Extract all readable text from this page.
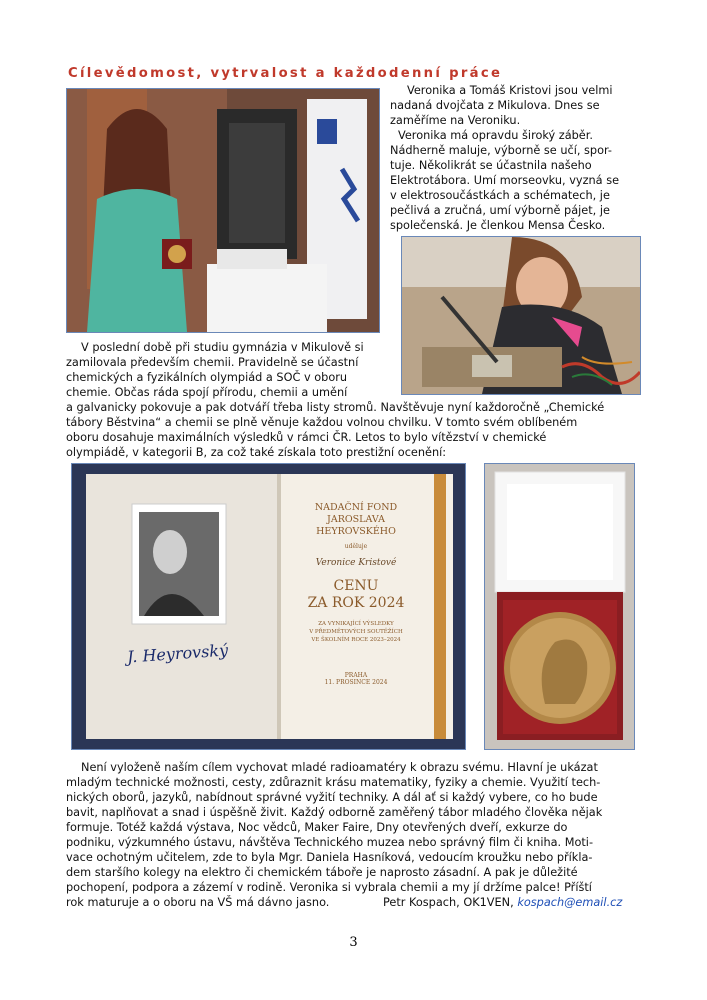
Cílevědomost, vytrvalost a každodenní práce
Veronika a Tomáš Kristovi jsou velmi
nadaná dvojčata z Mikulova. Dnes se
zaměříme na Veroniku.
Veronika má opravdu široký záběr.
Nádherně maluje, výborně se učí, spor-
tuje. Několikrát se účastnila našeho
Elektrotábora. Umí morseovku, vyzná se
v elektrosoučástkách a schématech, je
pečlivá a zručná, umí výborně pájet, je
společenská. Je členkou Mensa Česko.
V poslední době při studiu gymnázia v Mikulově si
zamilovala především chemii. Pravidelně se účastní
chemických a fyzikálních olympiád a SOČ v oboru
chemie. Občas ráda spojí přírodu, chemii a umění
a galvanicky pokovuje a pak dotváří třeba listy stromů. Navštěvuje nyní každoročně „Chemické
tábory Běstvina“ a chemii se plně věnuje každou volnou chvilku. V tomto svém oblíbeném
oboru dosahuje maximálních výsledků v rámci ČR. Letos to bylo vítězství v chemické
olympiádě, v kategorii B, za což také získala toto prestižní ocenění:
J. Heyrovský
NADAČNÍ FOND
JAROSLAVA
HEYROVSKÉHO
uděluje
Veronice Kristové
CENU
ZA ROK 2024
ZA VYNIKAJÍCÍ VÝSLEDKY
V PŘEDMĚTOVÝCH SOUTĚŽÍCH
VE ŠKOLNÍM ROCE 2023–2024
PRAHA
11. PROSINCE 2024
Není vyloženě naším cílem vychovat mladé radioamatéry k obrazu svému. Hlavní je ukázat
mladým technické možnosti, cesty, zdůraznit krásu matematiky, fyziky a chemie. Využití tech-
nických oborů, jazyků, nabídnout správné vyžití techniky. A dál ať si každý vybere, co ho bude
bavit, naplňovat a snad i úspěšně živit. Každý odborně zaměřený tábor mladého člověka nějak
formuje. Totéž každá výstava, Noc vědců, Maker Faire, Dny otevřených dveří, exkurze do
podniku, výzkumného ústavu, návštěva Technického muzea nebo správný film či kniha. Moti-
vace ochotným učitelem, zde to byla Mgr. Daniela Hasníková, vedoucím kroužku nebo příkla-
dem staršího kolegy na elektro či chemickém táboře je naprosto zásadní. A pak je důležité
pochopení, podpora a zázemí v rodině. Veronika si vybrala chemii a my jí držíme palce! Příští
rok maturuje a o oboru na VŠ má dávno jasno.	Petr Kospach, OK1VEN, kospach@email.cz
3
